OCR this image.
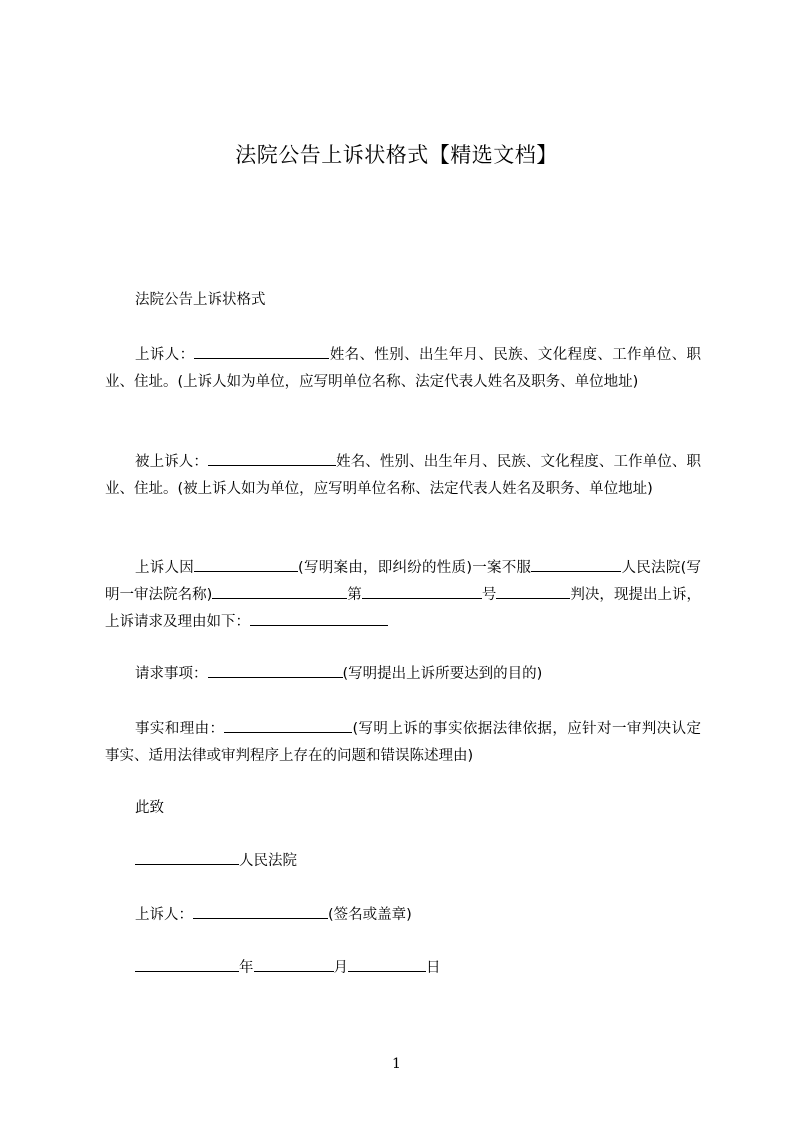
法院公告上诉状格式【精选文档】
法院公告上诉状格式
上诉人：	姓名、性别、出生年月、民族、文化程度、工作单位、职业、住址。(上诉人如为单位，应写明单位名称、法定代表人姓名及职务、单位地址)
被上诉人：	姓名、性别、出生年月、民族、文化程度、工作单位、职业、住址。(被上诉人如为单位，应写明单位名称、法定代表人姓名及职务、单位地址)
上诉人因	(写明案由，即纠纷的性质)一案不服	人民法院(写明一审法院名称)	第	号	判决，现提出上诉，上诉请求及理由如下：
请求事项：	(写明提出上诉所要达到的目的)
事实和理由：	(写明上诉的事实依据法律依据，应针对一审判决认定事实、适用法律或审判程序上存在的问题和错误陈述理由)
此致
人民法院
上诉人：	(签名或盖章)
年	月	日
1
